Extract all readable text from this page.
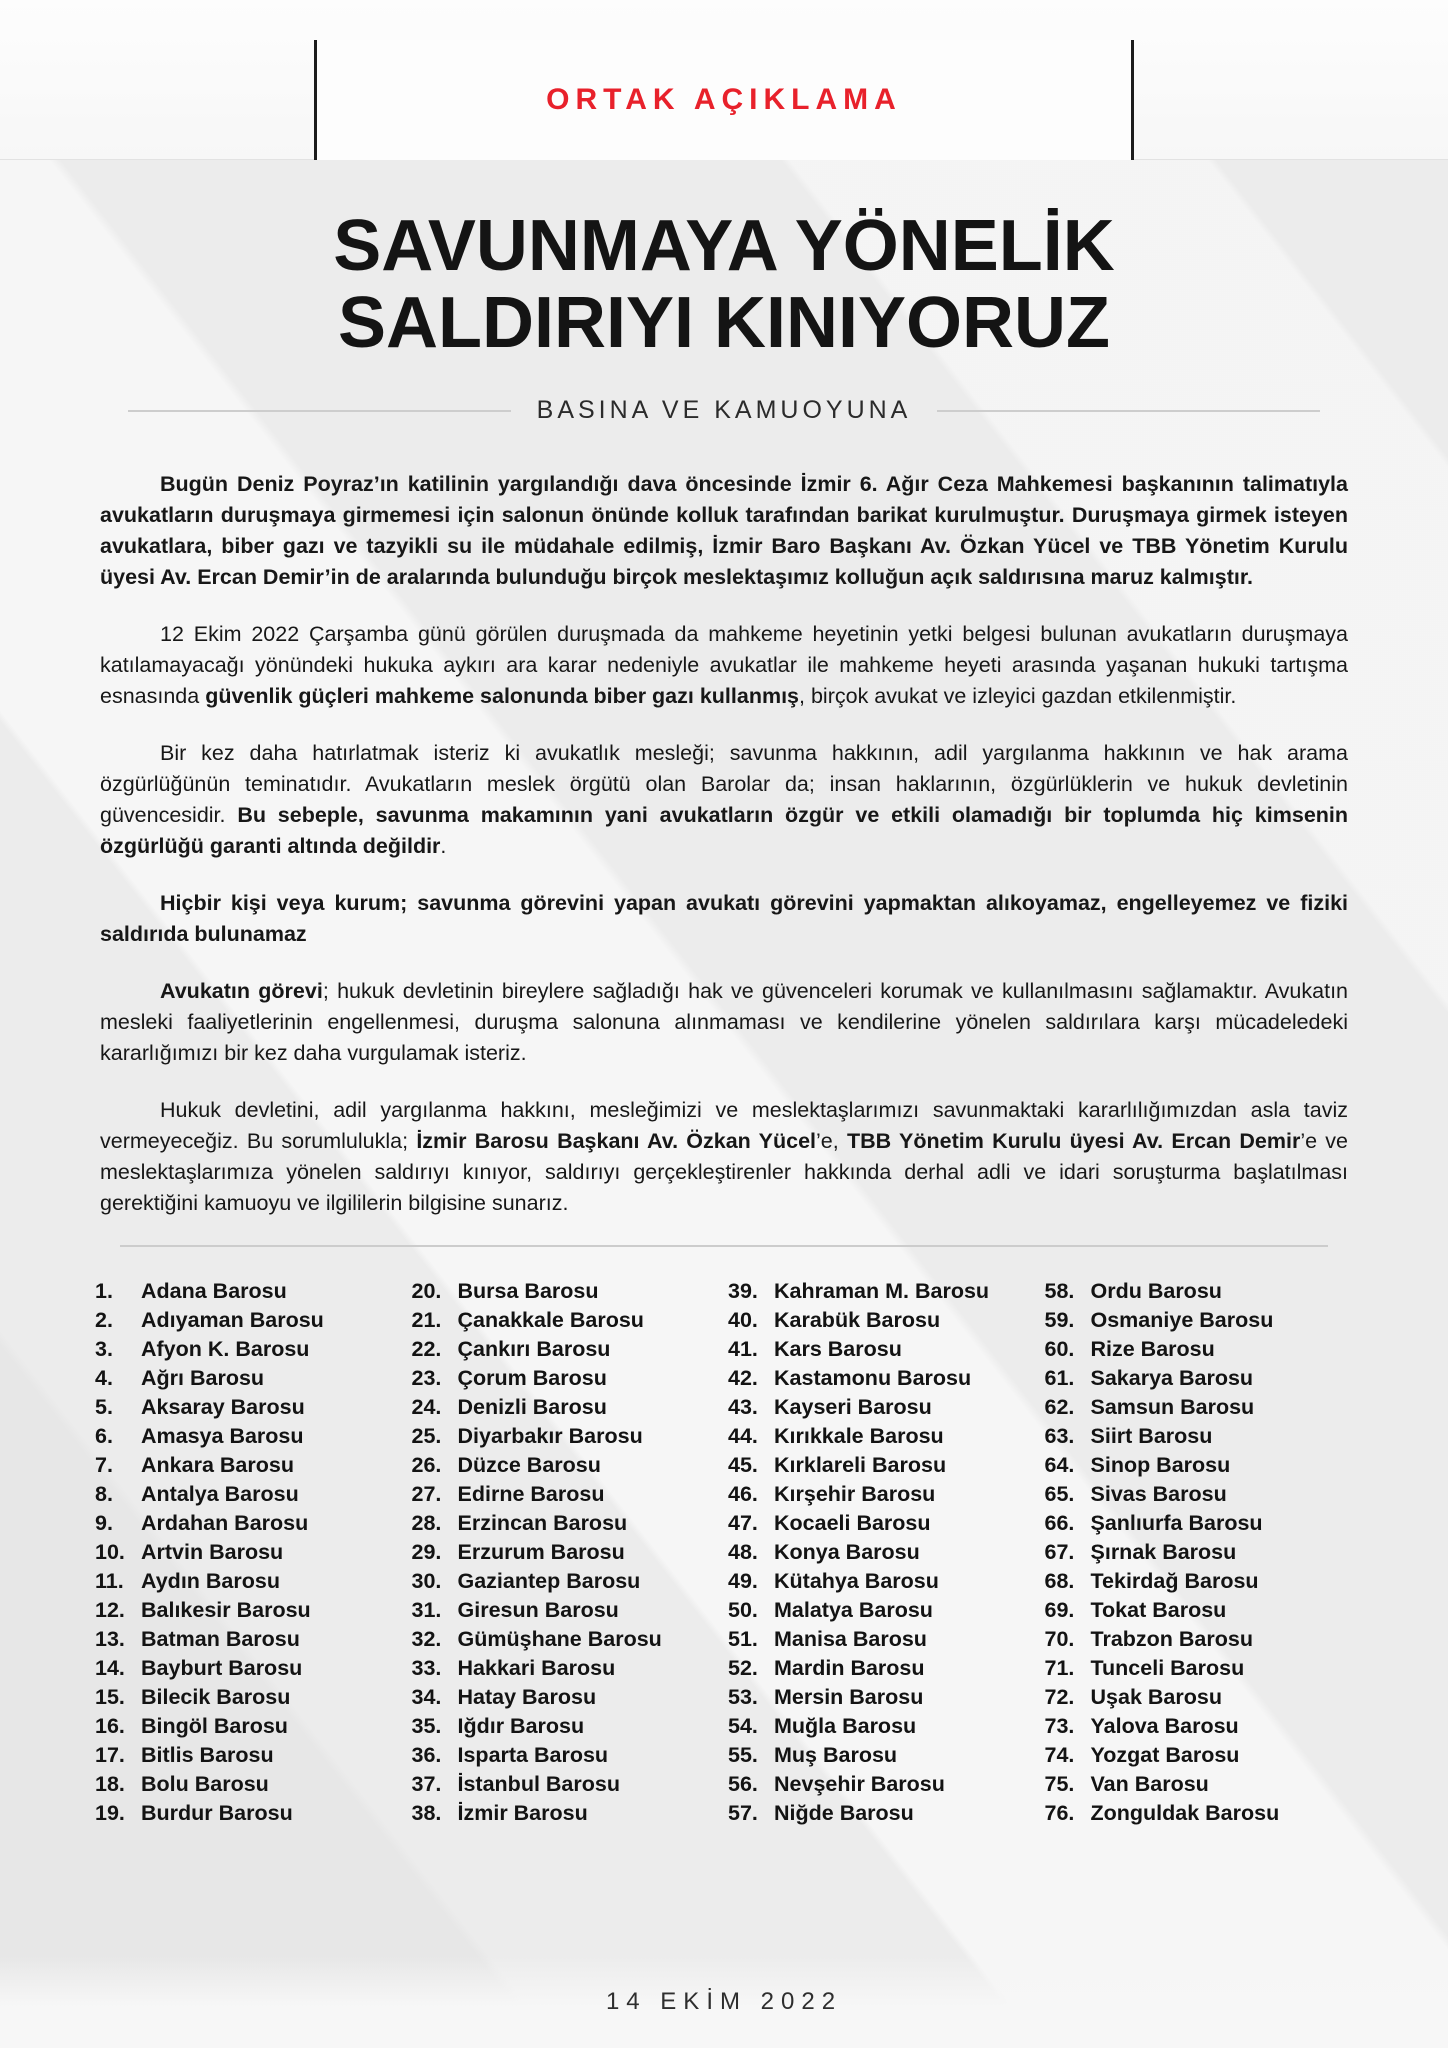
ORTAK AÇIKLAMA
SAVUNMAYA YÖNELİK
SALDIRIYI KINIYORUZ
BASINA VE KAMUOYUNA

Bugün Deniz Poyraz’ın katilinin yargılandığı dava öncesinde İzmir 6. Ağır Ceza Mahkemesi başkanının talimatıyla avukatların duruşmaya girmemesi için salonun önünde kolluk tarafından barikat kurulmuştur. Duruşmaya girmek isteyen avukatlara, biber gazı ve tazyikli su ile müdahale edilmiş, İzmir Baro Başkanı Av. Özkan Yücel ve TBB Yönetim Kurulu üyesi Av. Ercan Demir’in de aralarında bulunduğu birçok meslektaşımız kolluğun açık saldırısına maruz kalmıştır.

12 Ekim 2022 Çarşamba günü görülen duruşmada da mahkeme heyetinin yetki belgesi bulunan avukatların duruşmaya katılamayacağı yönündeki hukuka aykırı ara karar nedeniyle avukatlar ile mahkeme heyeti arasında yaşanan hukuki tartışma esnasında güvenlik güçleri mahkeme salonunda biber gazı kullanmış, birçok avukat ve izleyici gazdan etkilenmiştir.

Bir kez daha hatırlatmak isteriz ki avukatlık mesleği; savunma hakkının, adil yargılanma hakkının ve hak arama özgürlüğünün teminatıdır. Avukatların meslek örgütü olan Barolar da; insan haklarının, özgürlüklerin ve hukuk devletinin güvencesidir. Bu sebeple, savunma makamının yani avukatların özgür ve etkili olamadığı bir toplumda hiç kimsenin özgürlüğü garanti altında değildir.

Hiçbir kişi veya kurum; savunma görevini yapan avukatı görevini yapmaktan alıkoyamaz, engelleyemez ve fiziki saldırıda bulunamaz

Avukatın görevi; hukuk devletinin bireylere sağladığı hak ve güvenceleri korumak ve kullanılmasını sağlamaktır. Avukatın mesleki faaliyetlerinin engellenmesi, duruşma salonuna alınmaması ve kendilerine yönelen saldırılara karşı mücadeledeki kararlığımızı bir kez daha vurgulamak isteriz.

Hukuk devletini, adil yargılanma hakkını, mesleğimizi ve meslektaşlarımızı savunmaktaki kararlılığımızdan asla taviz vermeyeceğiz. Bu sorumlulukla; İzmir Barosu Başkanı Av. Özkan Yücel’e, TBB Yönetim Kurulu üyesi Av. Ercan Demir’e ve meslektaşlarımıza yönelen saldırıyı kınıyor, saldırıyı gerçekleştirenler hakkında derhal adli ve idari soruşturma başlatılması gerektiğini kamuoyu ve ilgililerin bilgisine sunarız.

1.	Adana Barosu
2.	Adıyaman Barosu
3.	Afyon K. Barosu
4.	Ağrı Barosu
5.	Aksaray Barosu
6.	Amasya Barosu
7.	Ankara Barosu
8.	Antalya Barosu
9.	Ardahan Barosu
10. Artvin Barosu
11. Aydın Barosu
12. Balıkesir Barosu
13. Batman Barosu
14. Bayburt Barosu
15. Bilecik Barosu
16. Bingöl Barosu
17. Bitlis Barosu
18. Bolu Barosu
19. Burdur Barosu
20. Bursa Barosu
21. Çanakkale Barosu
22. Çankırı Barosu
23. Çorum Barosu
24. Denizli Barosu
25. Diyarbakır Barosu
26. Düzce Barosu
27. Edirne Barosu
28. Erzincan Barosu
29. Erzurum Barosu
30. Gaziantep Barosu
31. Giresun Barosu
32. Gümüşhane Barosu
33. Hakkari Barosu
34. Hatay Barosu
35. Iğdır Barosu
36. Isparta Barosu
37. İstanbul Barosu
38. İzmir Barosu
39. Kahraman M. Barosu
40. Karabük Barosu
41. Kars Barosu
42. Kastamonu Barosu
43. Kayseri Barosu
44. Kırıkkale Barosu
45. Kırklareli Barosu
46. Kırşehir Barosu
47. Kocaeli Barosu
48. Konya Barosu
49. Kütahya Barosu
50. Malatya Barosu
51. Manisa Barosu
52. Mardin Barosu
53. Mersin Barosu
54. Muğla Barosu
55. Muş Barosu
56. Nevşehir Barosu
57. Niğde Barosu
58. Ordu Barosu
59. Osmaniye Barosu
60. Rize Barosu
61. Sakarya Barosu
62. Samsun Barosu
63. Siirt Barosu
64. Sinop Barosu
65. Sivas Barosu
66. Şanlıurfa Barosu
67. Şırnak Barosu
68. Tekirdağ Barosu
69. Tokat Barosu
70. Trabzon Barosu
71. Tunceli Barosu
72. Uşak Barosu
73. Yalova Barosu
74. Yozgat Barosu
75. Van Barosu
76. Zonguldak Barosu
14 EKİM 2022
